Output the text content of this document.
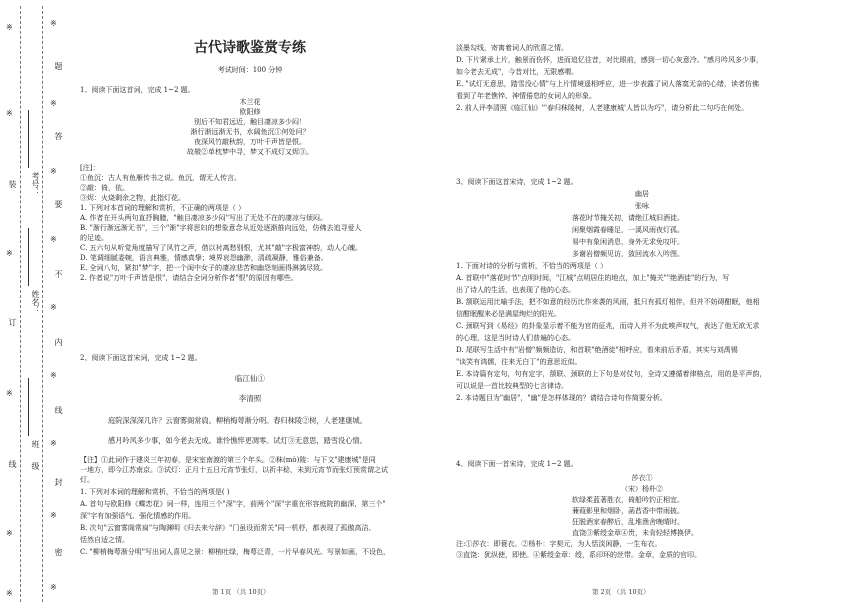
※
题
※
答
※
要
※
不
※
内
※
线
※
封
※
密
※
考号：
姓名：
班
级
※
※
装
※
订
※
线
※
※
古代诗歌鉴赏专练
考试时间：100 分钟
1、阅读下面这首词，完成 1~2 题。
木兰花
欧阳修
别后不知君远近，触目凄凉多少闷！
渐行渐远渐无书，水阔鱼沉①何处问？
夜深风竹敲秋韵，万叶千声皆是恨。
故攲②单枕梦中寻，梦又不成灯又烬③。
[注]：
①鱼沉：古人有鱼雁传书之说。鱼沉，谓无人传言。
②敲：倚，依。
③烬：火烧剩余之物，此指灯花。
1. 下列对本首词的理解和赏析，不正确的两项是（ ）
A. 作者在开头两句直抒胸臆，"触目凄凉多少闷"写出了无处不在的凄凉与烦闷。
B. "渐行渐远渐无书"，三个"渐"字将思妇的想象意念从近处逐渐推向远处，仿佛去追寻爱人
的足迹。
C. 五六句从听觉角度描写了风竹之声，借以衬离愁别恨，尤其"敲"字极富神韵，动人心魄。
D. 笔调细腻委婉，语言典雅，情感真挚；境界哀怨幽渺，清疏凝静，雅俗兼备。
E. 全词八句，紧扣"梦"字，把一个闺中女子的凄凉悲苦和幽怨刻画得淋漓尽致。
2. 作者说"万叶千声皆是恨"，请结合全词分析作者"恨"的原因有哪些。
2、阅读下面这首宋词，完成 1~2 题。
临江仙①
李清照
庭院深深深几许？云窗雾阁常扃。柳梢梅萼渐分明。春归秣陵②树，人老建康城。
感月吟风多少事，如今老去无成。谁怜憔悴更凋零。试灯③无意思，踏雪没心情。
【注】①此词作于建炎三年初春，是宋室南渡的第三个年头。②秣(mò)陵：与下文"建康城"是同
一地方，即今江苏南京。③试灯：正月十五日元宵节张灯，以祈丰稔，未到元宵节而张灯预赏谓之试
灯。
1. 下列对本词的理解和赏析，不恰当的两项是( )
A. 首句与欧阳修《蝶恋花》词一样，连用三个"深"字，前两个"深"字重在形容庭院的幽深，第三个"
深"字有加强语气、强化情感的作用。
B. 次句"云窗雾阁常扃"与陶渊明《归去来兮辞》"门虽设而常关"同一机杼，都表现了孤傲高洁、
恬然自适之情。
C. "柳梢梅萼渐分明"写出词人喜见之景：柳梢吐绿，梅萼泛青，一片早春风光。写景如画，不设色，
第 1页 （共 10页）
淡墨勾线，寄寓着词人的欣喜之情。
D. 下片紧承上片，触景而伤怀，进而追忆往昔，对比眼前，感到一切心灰意冷。"感月吟风多少事，
如今老去无成"，今昔对比，无限感喟。
E. "试灯无意思，踏雪没心情"与上片情境遥相呼应，进一步表露了词人落寞无奈的心绪，读者仿佛
看到了年老憔悴、神情倦怠的女词人的形象。
2. 前人评李清照《临江仙》"'春归秣陵树，人老建康城'人皆以为巧"，请分析此二句巧在何处。
3、阅读下面这首宋诗，完成 1~2 题。
幽居
张咏
落花时节掩关初，请绝江城旧酒徒。
闲聚烟霞春睡足，一溪风雨夜灯孤。
易中有象闲消息，身外无求免叹吁。
多谢岩僧频见访，敛回流水入吟图。
1. 下面对诗的分析与赏析，不恰当的两项是（ ）
A. 首联中"落花时节"点明时间，"江城"点明居住的地点，加上"掩关""绝酒徒"的行为，写
出了诗人的生活，也表现了他的心态。
B. 颔联运用比喻手法，把不如意的经历比作来袭的风雨，抵只有孤灯相伴，但并不妨碍酣眠，他相
信酣眠醒来必是满屋绚烂的阳光。
C. 颈联写到《易经》的卦象显示着不能为官的征兆，而诗人并不为此唉声叹气，表达了他无欲无求
的心理，这是当时诗人们普遍的心态。
D. 尾联写生活中有"岩僧"频频造访，和首联"绝酒徒"相呼应，看来前后矛盾，其实与刘禹锡
"谈笑有鸿儒，往来无白丁"的意思近似。
E. 本诗篇有定句，句有定字，颔联、颈联的上下句是对仗句，全诗又遵循着律格点，用的是平声韵，
可以说是一首比较典型的七言律诗。
2. 本诗题目为"幽居"，"幽"是怎样体现的？请结合诗句作简要分析。
4、阅读下面一首宋诗，完成 1~2 题。
莎衣①
（宋）杨朴②
软绿柔蓝著胜衣，倚船吟钓正相宜。
蒹葭影里和烟卧，菡萏香中带雨披。
狂脱酒家春醉后，乱堆渔舍晚晴时。
直饶③紫绶金章④贵，未肯轻轻博换伊。
注:①莎衣：即蓑衣。②杨朴：字契元，为人恬淡闲静，一生布衣。
③直饶：犹纵使，即使。④紫绶金章：绶，系印环的丝带。金章，金质的官印。
第 2页 （共 10页）
